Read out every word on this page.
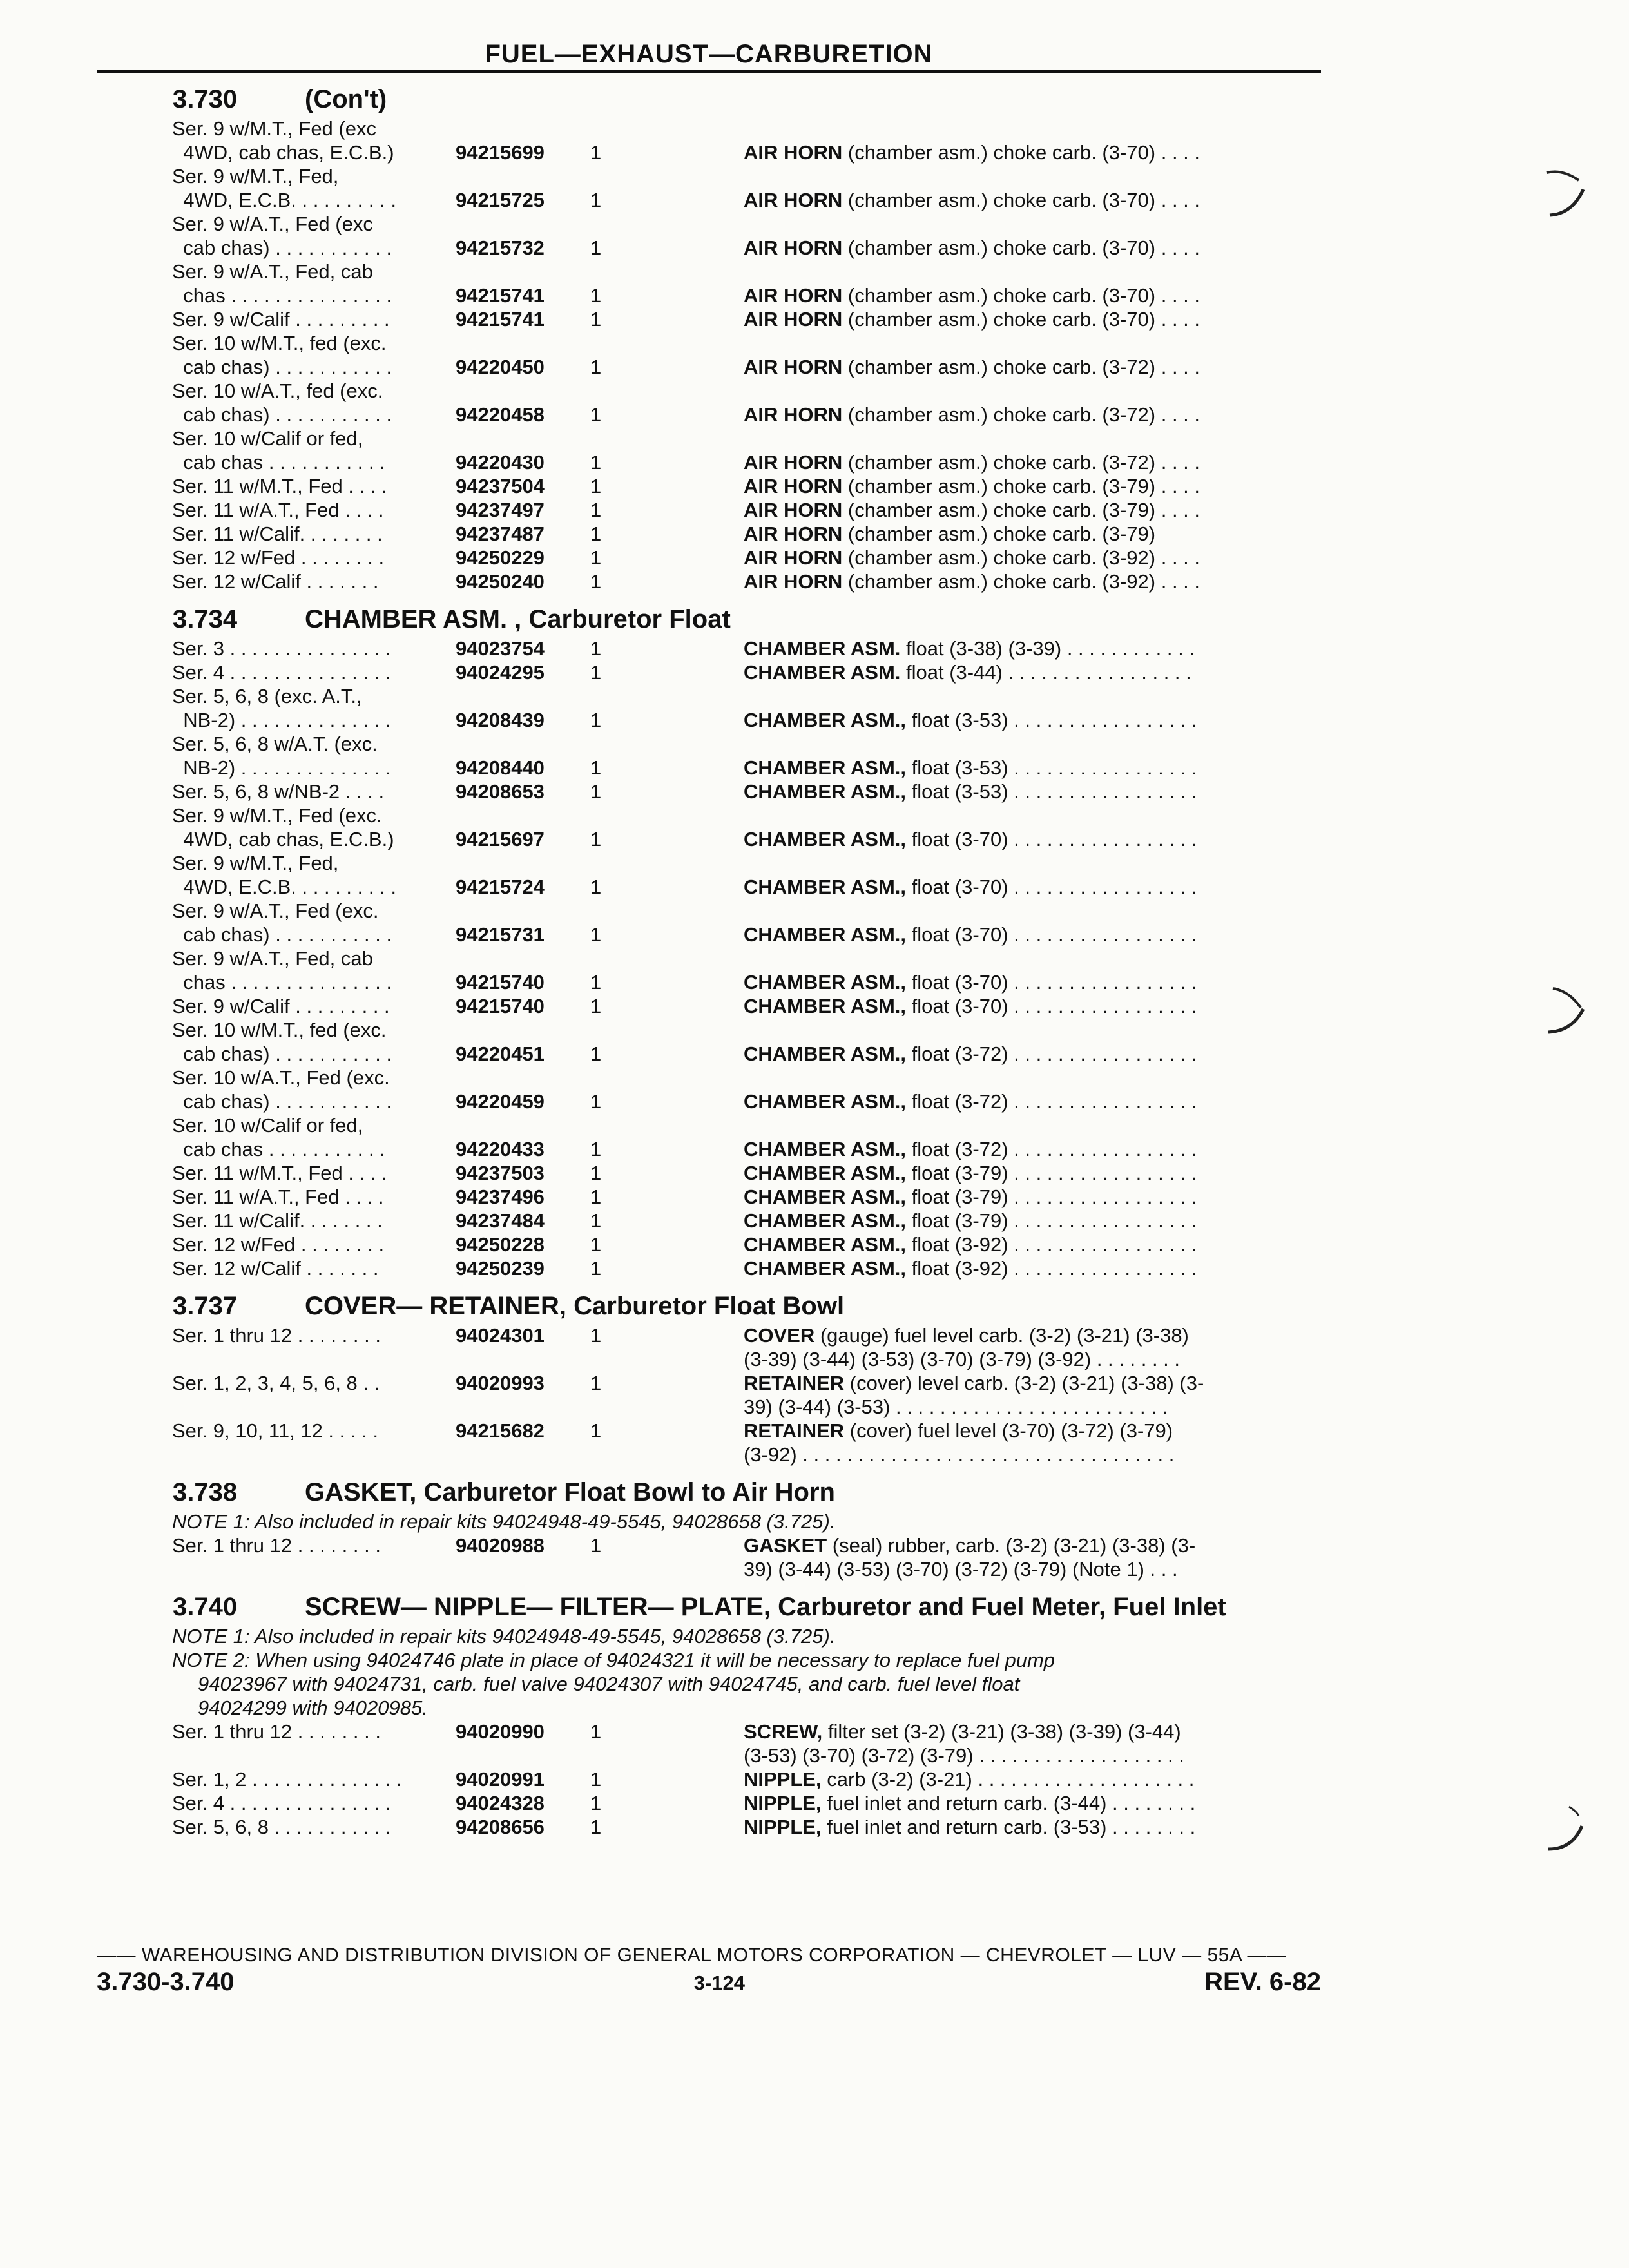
FUEL—EXHAUST—CARBURETION
3.730	(Con't)
Ser. 9 w/M.T., Fed (exc
4WD, cab chas, E.C.B.)	94215699	1	AIR HORN (chamber asm.) choke carb. (3-70) . . . .
Ser. 9 w/M.T., Fed,
4WD, E.C.B. . . . . . . . . .	94215725	1	AIR HORN (chamber asm.) choke carb. (3-70) . . . .
Ser. 9 w/A.T., Fed (exc
cab chas) . . . . . . . . . . .	94215732	1	AIR HORN (chamber asm.) choke carb. (3-70) . . . .
Ser. 9 w/A.T., Fed, cab
chas . . . . . . . . . . . . . . .	94215741	1	AIR HORN (chamber asm.) choke carb. (3-70) . . . .
Ser. 9 w/Calif . . . . . . . . .	94215741	1	AIR HORN (chamber asm.) choke carb. (3-70) . . . .
Ser. 10 w/M.T., fed (exc.
cab chas) . . . . . . . . . . .	94220450	1	AIR HORN (chamber asm.) choke carb. (3-72) . . . .
Ser. 10 w/A.T., fed (exc.
cab chas) . . . . . . . . . . .	94220458	1	AIR HORN (chamber asm.) choke carb. (3-72) . . . .
Ser. 10 w/Calif or fed,
cab chas . . . . . . . . . . .	94220430	1	AIR HORN (chamber asm.) choke carb. (3-72) . . . .
Ser. 11 w/M.T., Fed . . . .	94237504	1	AIR HORN (chamber asm.) choke carb. (3-79) . . . .
Ser. 11 w/A.T., Fed . . . .	94237497	1	AIR HORN (chamber asm.) choke carb. (3-79) . . . .
Ser. 11 w/Calif. . . . . . . .	94237487	1	AIR HORN (chamber asm.) choke carb. (3-79)
Ser. 12 w/Fed . . . . . . . .	94250229	1	AIR HORN (chamber asm.) choke carb. (3-92) . . . .
Ser. 12 w/Calif . . . . . . .	94250240	1	AIR HORN (chamber asm.) choke carb. (3-92) . . . .
3.734	CHAMBER ASM. , Carburetor Float
Ser. 3 . . . . . . . . . . . . . . .	94023754	1	CHAMBER ASM. float (3-38) (3-39) . . . . . . . . . . . .
Ser. 4 . . . . . . . . . . . . . . .	94024295	1	CHAMBER ASM. float (3-44) . . . . . . . . . . . . . . . . .
Ser. 5, 6, 8 (exc. A.T.,
NB-2) . . . . . . . . . . . . . .	94208439	1	CHAMBER ASM., float (3-53) . . . . . . . . . . . . . . . . .
Ser. 5, 6, 8 w/A.T. (exc.
NB-2) . . . . . . . . . . . . . .	94208440	1	CHAMBER ASM., float (3-53) . . . . . . . . . . . . . . . . .
Ser. 5, 6, 8 w/NB-2 . . . .	94208653	1	CHAMBER ASM., float (3-53) . . . . . . . . . . . . . . . . .
Ser. 9 w/M.T., Fed (exc.
4WD, cab chas, E.C.B.)	94215697	1	CHAMBER ASM., float (3-70) . . . . . . . . . . . . . . . . .
Ser. 9 w/M.T., Fed,
4WD, E.C.B. . . . . . . . . .	94215724	1	CHAMBER ASM., float (3-70) . . . . . . . . . . . . . . . . .
Ser. 9 w/A.T., Fed (exc.
cab chas) . . . . . . . . . . .	94215731	1	CHAMBER ASM., float (3-70) . . . . . . . . . . . . . . . . .
Ser. 9 w/A.T., Fed, cab
chas . . . . . . . . . . . . . . .	94215740	1	CHAMBER ASM., float (3-70) . . . . . . . . . . . . . . . . .
Ser. 9 w/Calif . . . . . . . . .	94215740	1	CHAMBER ASM., float (3-70) . . . . . . . . . . . . . . . . .
Ser. 10 w/M.T., fed (exc.
cab chas) . . . . . . . . . . .	94220451	1	CHAMBER ASM., float (3-72) . . . . . . . . . . . . . . . . .
Ser. 10 w/A.T., Fed (exc.
cab chas) . . . . . . . . . . .	94220459	1	CHAMBER ASM., float (3-72) . . . . . . . . . . . . . . . . .
Ser. 10 w/Calif or fed,
cab chas . . . . . . . . . . .	94220433	1	CHAMBER ASM., float (3-72) . . . . . . . . . . . . . . . . .
Ser. 11 w/M.T., Fed . . . .	94237503	1	CHAMBER ASM., float (3-79) . . . . . . . . . . . . . . . . .
Ser. 11 w/A.T., Fed . . . .	94237496	1	CHAMBER ASM., float (3-79) . . . . . . . . . . . . . . . . .
Ser. 11 w/Calif. . . . . . . .	94237484	1	CHAMBER ASM., float (3-79) . . . . . . . . . . . . . . . . .
Ser. 12 w/Fed . . . . . . . .	94250228	1	CHAMBER ASM., float (3-92) . . . . . . . . . . . . . . . . .
Ser. 12 w/Calif . . . . . . .	94250239	1	CHAMBER ASM., float (3-92) . . . . . . . . . . . . . . . . .
3.737	COVER— RETAINER, Carburetor Float Bowl
Ser. 1 thru 12 . . . . . . . .	94024301	1	COVER (gauge) fuel level carb. (3-2) (3-21) (3-38)
(3-39) (3-44) (3-53) (3-70) (3-79) (3-92) . . . . . . . .
Ser. 1, 2, 3, 4, 5, 6, 8 . .	94020993	1	RETAINER (cover) level carb. (3-2) (3-21) (3-38) (3-
39) (3-44) (3-53) . . . . . . . . . . . . . . . . . . . . . . . . .
Ser. 9, 10, 11, 12 . . . . .	94215682	1	RETAINER (cover) fuel level (3-70) (3-72) (3-79)
(3-92) . . . . . . . . . . . . . . . . . . . . . . . . . . . . . . . . . .
3.738	GASKET, Carburetor Float Bowl to Air Horn
NOTE 1: Also included in repair kits 94024948-49-5545, 94028658 (3.725).
Ser. 1 thru 12 . . . . . . . .	94020988	1	GASKET (seal) rubber, carb. (3-2) (3-21) (3-38) (3-
39) (3-44) (3-53) (3-70) (3-72) (3-79) (Note 1) . . .
3.740	SCREW— NIPPLE— FILTER— PLATE, Carburetor and Fuel Meter, Fuel Inlet
NOTE 1: Also included in repair kits 94024948-49-5545, 94028658 (3.725).
NOTE 2: When using 94024746 plate in place of 94024321 it will be necessary to replace fuel pump
94023967 with 94024731, carb. fuel valve 94024307 with 94024745, and carb. fuel level float
94024299 with 94020985.
Ser. 1 thru 12 . . . . . . . .	94020990	1	SCREW, filter set (3-2) (3-21) (3-38) (3-39) (3-44)
(3-53) (3-70) (3-72) (3-79) . . . . . . . . . . . . . . . . . . .
Ser. 1, 2 . . . . . . . . . . . . . .	94020991	1	NIPPLE, carb (3-2) (3-21) . . . . . . . . . . . . . . . . . . . .
Ser. 4 . . . . . . . . . . . . . . .	94024328	1	NIPPLE, fuel inlet and return carb. (3-44) . . . . . . . .
Ser. 5, 6, 8 . . . . . . . . . . .	94208656	1	NIPPLE, fuel inlet and return carb. (3-53) . . . . . . . .
—— WAREHOUSING AND DISTRIBUTION DIVISION OF GENERAL MOTORS CORPORATION — CHEVROLET — LUV — 55A ——
3.730-3.740	3-124	REV. 6-82
